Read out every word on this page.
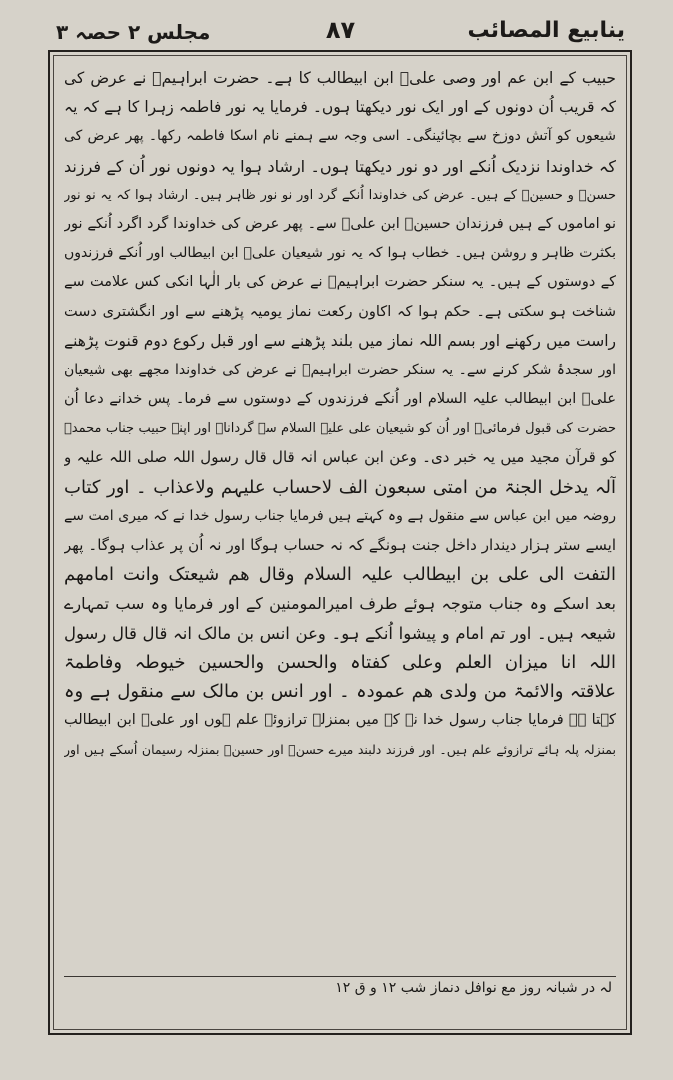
ینابیع المصائب
۸۷
مجلس ۲ حصہ ۳
حبیب کے ابن عم اور وصی علیؑ ابن ابیطالب کا ہے۔ حضرت ابراہیمؑ نے عرض کی
کہ قریب اُن دونوں کے اور ایک نور دیکھتا ہوں۔ فرمایا یہ نور فاطمہ زہرا کا ہے کہ یہ
شیعوں کو آتش دوزخ سے بچائینگی۔ اسی وجہ سے ہمنے نام اسکا فاطمہ رکھا۔ پھر عرض کی
کہ خداوندا نزدیک اُنکے اور دو نور دیکھتا ہوں۔ ارشاد ہوا یہ دونوں نور اُن کے فرزند
حسنؑ و حسینؑ کے ہیں۔ عرض کی خداوندا اُنکے گرد اور نو نور ظاہر ہیں۔ ارشاد ہوا کہ یہ نو نور
نو اماموں کے ہیں فرزندان حسینؑ ابن علیؑ سے۔ پھر عرض کی خداوندا گرد اگرد اُنکے نور
بکثرت ظاہر و روشن ہیں۔ خطاب ہوا کہ یہ نور شیعیان علیؑ ابن ابیطالب اور اُنکے فرزندوں
کے دوستوں کے ہیں۔ یہ سنکر حضرت ابراہیمؑ نے عرض کی بار الٰہا انکی کس علامت سے
شناخت ہو سکتی ہے۔ حکم ہوا کہ اکاون رکعت نماز یومیہ پڑھنے سے اور انگشتری دست
راست میں رکھنے اور بسم اللہ نماز میں بلند پڑھنے سے اور قبل رکوع دوم قنوت پڑھنے
اور سجدۂ شکر کرنے سے۔ یہ سنکر حضرت ابراہیمؑ نے عرض کی خداوندا مجھے بھی شیعیان
علیؑ ابن ابیطالب علیہ السلام اور اُنکے فرزندوں کے دوستوں سے فرما۔ پس خدانے دعا اُن
حضرت کی قبول فرمائی۔ اور اُن کو شیعیان علی علیہ السلام سے گردانا۔ اور اپنے حبیب جناب محمدؐ
کو قرآن مجید میں یہ خبر دی۔ وعن ابن عباس انہ قال قال رسول اللہ صلی اللہ علیہ و
آلہ یدخل الجنۃ من امتی سبعون الف لاحساب علیہم ولاعذاب ۔ اور کتاب
روضہ میں ابن عباس سے منقول ہے وہ کہتے ہیں فرمایا جناب رسول خدا نے کہ میری امت سے
ایسے ستر ہزار دیندار داخل جنت ہونگے کہ نہ حساب ہوگا اور نہ اُن پر عذاب ہوگا۔ پھر
التفت الی علی بن ابیطالب علیہ السلام وقال ھم شیعتک وانت امامھم
بعد اسکے وہ جناب متوجہ ہوئے طرف امیرالمومنین کے اور فرمایا وہ سب تمہارے
شیعہ ہیں۔ اور تم امام و پیشوا اُنکے ہو۔ وعن انس بن مالک انہ قال قال رسول
اللہ انا میزان العلم وعلی کفتاہ والحسن والحسین خیوطہ وفاطمۃ
علاقتہ والائمۃ من ولدی ھم عمودہ ۔ اور انس بن مالک سے منقول ہے وہ
کہتا ہے فرمایا جناب رسول خدا نے کہ میں بمنزلہ ترازوئے علم ہوں اور علیؑ ابن ابیطالب
بمنزلہ پلہ ہائے ترازوئے علم ہیں۔ اور فرزند دلبند میرے حسنؑ اور حسینؑ بمنزلہ رسیمان اُسکے ہیں اور
لہ در شبانہ روز مع نوافل دنماز شب ۱۲ و ق ۱۲
